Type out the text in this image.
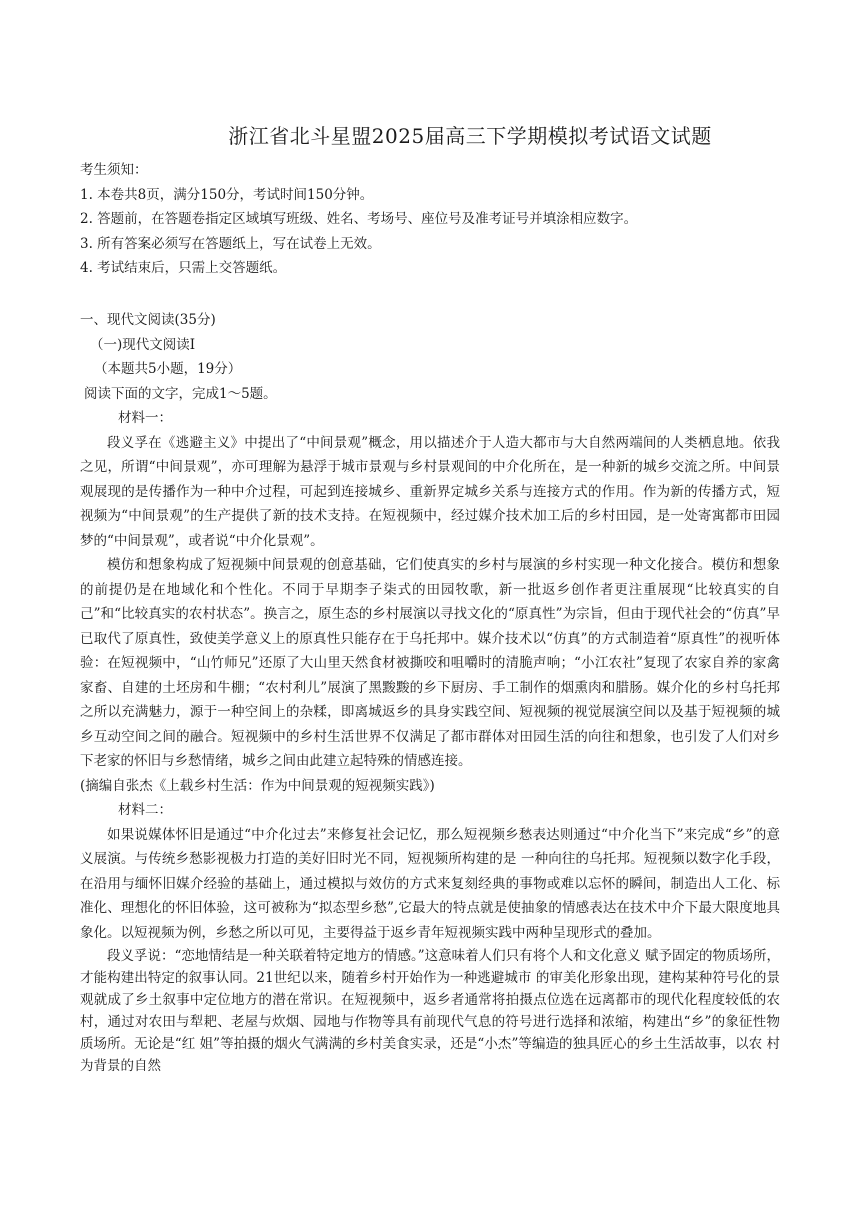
浙江省北斗星盟2025届高三下学期模拟考试语文试题
考生须知：
1. 本卷共8页，满分150分，考试时间150分钟。
2. 答题前，在答题卷指定区域填写班级、姓名、考场号、座位号及准考证号并填涂相应数字。
3. 所有答案必须写在答题纸上，写在试卷上无效。
4. 考试结束后，只需上交答题纸。
一、现代文阅读(35分)
（一)现代文阅读Ⅰ
（本题共5小题，19分）
阅读下面的文字，完成1～5题。
材料一：

段义孚在《逃避主义》中提出了“中间景观”概念，用以描述介于人造大都市与大自然两端间的人类栖息地。依我之见，所谓“中间景观”，亦可理解为悬浮于城市景观与乡村景观间的中介化所在，是一种新的城乡交流之所。中间景观展现的是传播作为一种中介过程，可起到连接城乡、重新界定城乡关系与连接方式的作用。作为新的传播方式，短视频为“中间景观”的生产提供了新的技术支持。在短视频中，经过媒介技术加工后的乡村田园，是一处寄寓都市田园梦的“中间景观”，或者说“中介化景观”。

模仿和想象构成了短视频中间景观的创意基础，它们使真实的乡村与展演的乡村实现一种文化接合。模仿和想象的前提仍是在地域化和个性化。不同于早期李子柒式的田园牧歌，新一批返乡创作者更注重展现“比较真实的自己”和“比较真实的农村状态”。换言之，原生态的乡村展演以寻找文化的“原真性”为宗旨，但由于现代社会的“仿真”早已取代了原真性，致使美学意义上的原真性只能存在于乌托邦中。媒介技术以“仿真”的方式制造着“原真性”的视听体验：在短视频中，“山竹师兄”还原了大山里天然食材被撕咬和咀嚼时的清脆声响；“小江农社”复现了农家自养的家禽家畜、自建的土坯房和牛棚；“农村利儿”展演了黑黢黢的乡下厨房、手工制作的烟熏肉和腊肠。媒介化的乡村乌托邦之所以充满魅力，源于一种空间上的杂糅，即离城返乡的具身实践空间、短视频的视觉展演空间以及基于短视频的城乡互动空间之间的融合。短视频中的乡村生活世界不仅满足了都市群体对田园生活的向往和想象，也引发了人们对乡下老家的怀旧与乡愁情绪，城乡之间由此建立起特殊的情感连接。

(摘编自张杰《上载乡村生活：作为中间景观的短视频实践》)
材料二：

如果说媒体怀旧是通过“中介化过去”来修复社会记忆，那么短视频乡愁表达则通过“中介化当下”来完成“乡”的意义展演。与传统乡愁影视极力打造的美好旧时光不同，短视频所构建的是 一种向往的乌托邦。短视频以数字化手段，在沿用与缅怀旧媒介经验的基础上，通过模拟与效仿的方式来复刻经典的事物或难以忘怀的瞬间，制造出人工化、标准化、理想化的怀旧体验，这可被称为“拟态型乡愁”,它最大的特点就是使抽象的情感表达在技术中介下最大限度地具象化。以短视频为例，乡愁之所以可见，主要得益于返乡青年短视频实践中两种呈现形式的叠加。

段义孚说：“恋地情结是一种关联着特定地方的情感。”这意味着人们只有将个人和文化意义 赋予固定的物质场所，才能构建出特定的叙事认同。21世纪以来，随着乡村开始作为一种逃避城市 的审美化形象出现，建构某种符号化的景观就成了乡土叙事中定位地方的潜在常识。在短视频中，返乡者通常将拍摄点位选在远离都市的现代化程度较低的农村，通过对农田与犁耙、老屋与炊烟、园地与作物等具有前现代气息的符号进行选择和浓缩，构建出“乡”的象征性物质场所。无论是“红 姐”等拍摄的烟火气满满的乡村美食实录，还是“小杰”等编造的独具匠心的乡土生活故事，以农 村为背景的自然
